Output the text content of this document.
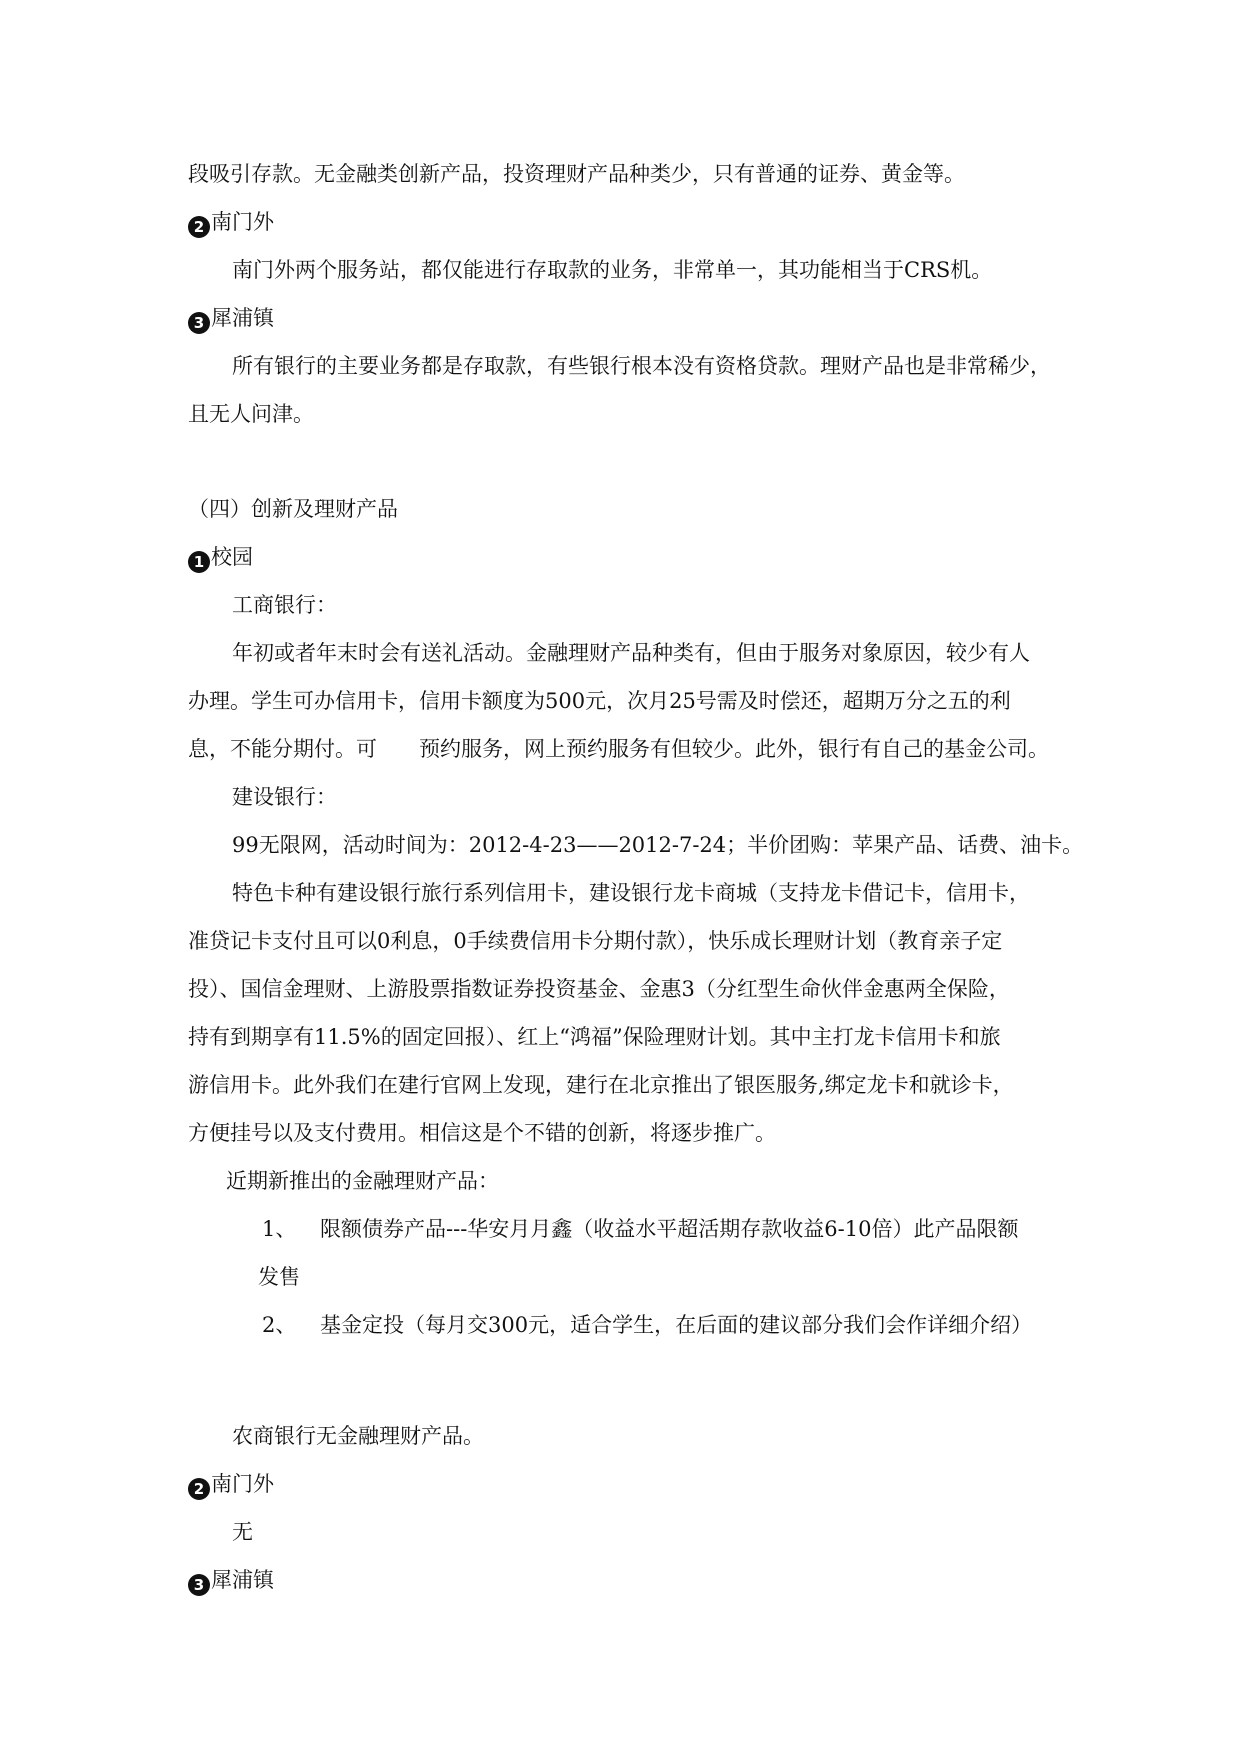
段吸引存款。无金融类创新产品，投资理财产品种类少，只有普通的证券、黄金等。
2 南门外
南门外两个服务站，都仅能进行存取款的业务，非常单一，其功能相当于CRS机。
3 犀浦镇
所有银行的主要业务都是存取款，有些银行根本没有资格贷款。理财产品也是非常稀少，
且无人问津。
（四）创新及理财产品
1 校园
工商银行：
年初或者年末时会有送礼活动。金融理财产品种类有，但由于服务对象原因，较少有人
办理。学生可办信用卡，信用卡额度为500元，次月25号需及时偿还，超期万分之五的利
息，不能分期付。可　　预约服务，网上预约服务有但较少。此外，银行有自己的基金公司。
建设银行：
99无限网，活动时间为：2012-4-23——2012-7-24；半价团购：苹果产品、话费、油卡。
特色卡种有建设银行旅行系列信用卡，建设银行龙卡商城（支持龙卡借记卡，信用卡，
准贷记卡支付且可以0利息，0手续费信用卡分期付款），快乐成长理财计划（教育亲子定
投）、国信金理财、上游股票指数证券投资基金、金惠3（分红型生命伙伴金惠两全保险，
持有到期享有11.5%的固定回报）、红上“鸿福”保险理财计划。其中主打龙卡信用卡和旅
游信用卡。此外我们在建行官网上发现，建行在北京推出了银医服务,绑定龙卡和就诊卡，
方便挂号以及支付费用。相信这是个不错的创新，将逐步推广。
近期新推出的金融理财产品：
1、 限额债券产品---华安月月鑫（收益水平超活期存款收益6-10倍）此产品限额
发售
2、 基金定投（每月交300元，适合学生，在后面的建议部分我们会作详细介绍）
农商银行无金融理财产品。
2 南门外
无
3 犀浦镇
